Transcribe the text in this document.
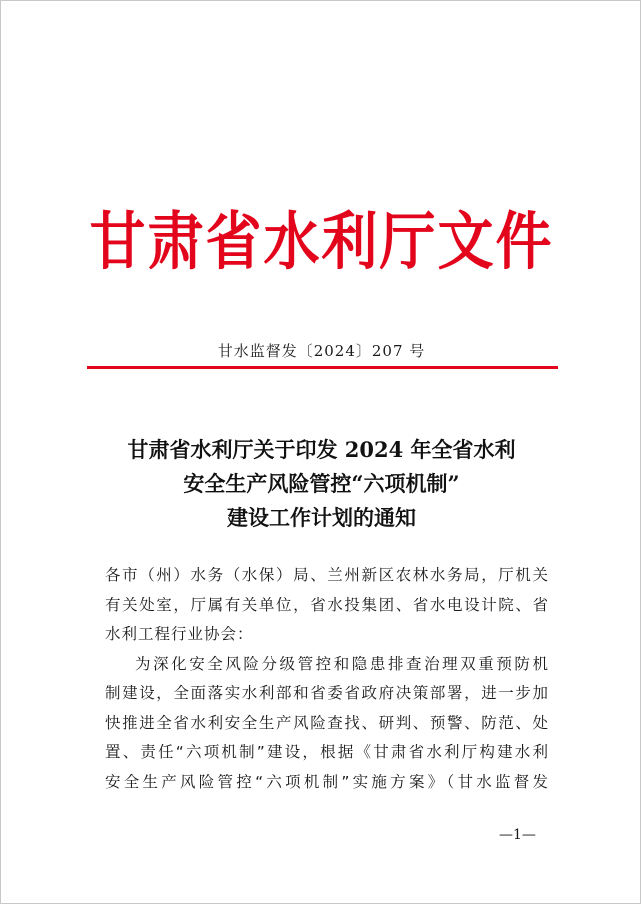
甘肃省水利厅文件
甘水监督发〔2024〕207 号
甘肃省水利厅关于印发 2024 年全省水利
安全生产风险管控“六项机制”
建设工作计划的通知
各市（州）水务（水保）局、兰州新区农林水务局，厅机关
有关处室，厅属有关单位，省水投集团、省水电设计院、省
水利工程行业协会：
为深化安全风险分级管控和隐患排查治理双重预防机
制建设，全面落实水利部和省委省政府决策部署，进一步加
快推进全省水利安全生产风险查找、研判、预警、防范、处
置、责任“六项机制”建设，根据《甘肃省水利厅构建水利
安全生产风险管控“六项机制”实施方案》（甘水监督发
—1—
